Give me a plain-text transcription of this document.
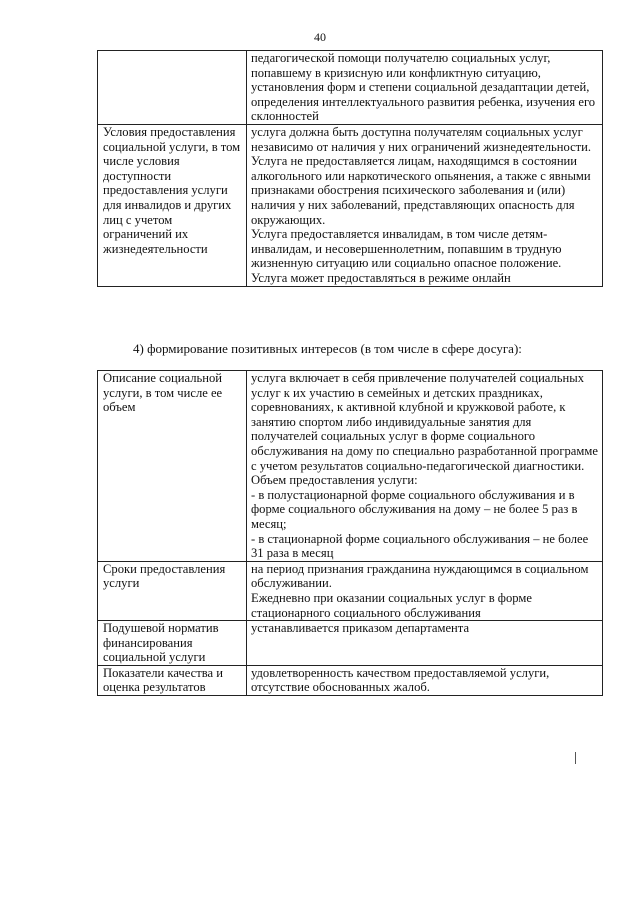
40

	педагогической помощи получателю социальных услуг, попавшему в кризисную или конфликтную ситуацию, установления форм и степени социальной дезадаптации детей, определения интеллектуального развития ребенка, изучения его склонностей

Условия предоставления социальной услуги, в том числе условия доступности предоставления услуги для инвалидов и других лиц с учетом ограничений их жизнедеятельности	услуга должна быть доступна получателям социальных услуг независимо от наличия у них ограничений жизнедеятельности.
Услуга не предоставляется лицам, находящимся в состоянии алкогольного или наркотического опьянения, а также с явными признаками обострения психического заболевания и (или) наличия у них заболеваний, представляющих опасность для окружающих.
Услуга предоставляется инвалидам, в том числе детям-инвалидам, и несовершеннолетним, попавшим в трудную жизненную ситуацию или социально опасное положение.
Услуга может предоставляться в режиме онлайн
4) формирование позитивных интересов (в том числе в сфере досуга):
Описание социальной услуги, в том числе ее объем	услуга включает в себя привлечение получателей социальных услуг к их участию в семейных и детских праздниках, соревнованиях, к активной клубной и кружковой работе, к занятию спортом либо индивидуальные занятия для получателей социальных услуг в форме социального обслуживания на дому по специально разработанной программе с учетом результатов социально-педагогической диагностики.
Объем предоставления услуги:
- в полустационарной форме социального обслуживания и в форме социального обслуживания на дому – не более 5 раз в месяц;
- в стационарной форме социального обслуживания – не более 31 раза в месяц

Сроки предоставления услуги	на период признания гражданина нуждающимся в социальном обслуживании.
Ежедневно при оказании социальных услуг в форме стационарного социального обслуживания

Подушевой норматив финансирования социальной услуги	устанавливается приказом департамента

Показатели качества и оценка результатов	удовлетворенность качеством предоставляемой услуги, отсутствие обоснованных жалоб.
